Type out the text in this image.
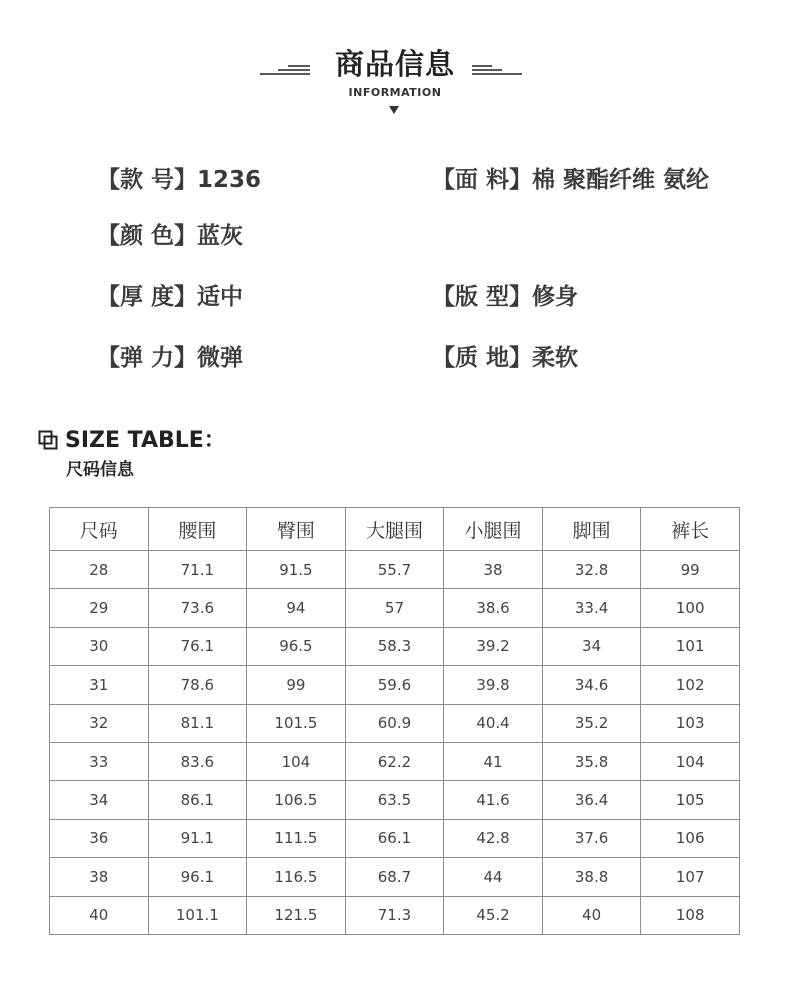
商品信息
INFORMATION
【款 号】1236	【面 料】棉 聚酯纤维 氨纶
【颜 色】蓝灰
【厚 度】适中	【版 型】修身
【弹 力】微弹	【质 地】柔软
SIZE TABLE：
尺码信息
尺码	腰围	臀围	大腿围	小腿围	脚围	裤长
28	71.1	91.5	55.7	38	32.8	99
29	73.6	94	57	38.6	33.4	100
30	76.1	96.5	58.3	39.2	34	101
31	78.6	99	59.6	39.8	34.6	102
32	81.1	101.5	60.9	40.4	35.2	103
33	83.6	104	62.2	41	35.8	104
34	86.1	106.5	63.5	41.6	36.4	105
36	91.1	111.5	66.1	42.8	37.6	106
38	96.1	116.5	68.7	44	38.8	107
40	101.1	121.5	71.3	45.2	40	108
